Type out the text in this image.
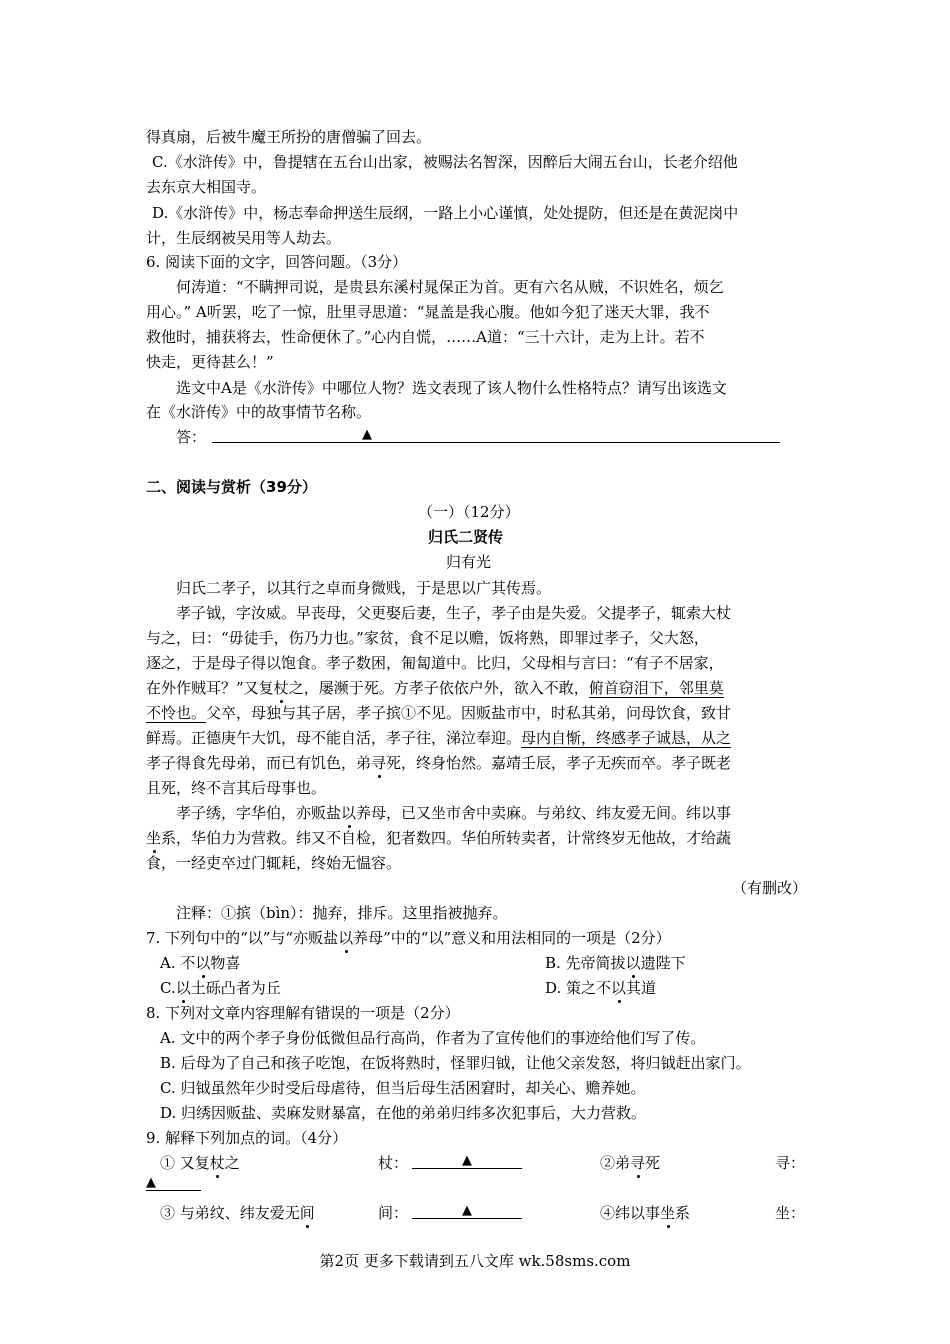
得真扇，后被牛魔王所扮的唐僧骗了回去。
C.《水浒传》中，鲁提辖在五台山出家，被赐法名智深，因醉后大闹五台山，长老介绍他
去东京大相国寺。
D.《水浒传》中，杨志奉命押送生辰纲，一路上小心谨慎，处处提防，但还是在黄泥岗中
计，生辰纲被吴用等人劫去。
6. 阅读下面的文字，回答问题。（3分）
何涛道：“不瞒押司说，是贵县东溪村晁保正为首。更有六名从贼，不识姓名，烦乞
用心。” A听罢，吃了一惊，肚里寻思道：“晁盖是我心腹。他如今犯了迷天大罪，我不
救他时，捕获将去，性命便休了。”心内自慌，……A道：“三十六计，走为上计。若不
快走，更待甚么！”
选文中A是《水浒传》中哪位人物？选文表现了该人物什么性格特点？请写出该选文
在《水浒传》中的故事情节名称。
答：	▲
二、阅读与赏析（39分）
（一）（12分）
归氏二贤传
归有光
归氏二孝子，以其行之卓而身微贱，于是思以广其传焉。
孝子钺，字汝威。早丧母，父更娶后妻，生子，孝子由是失爱。父提孝子，辄索大杖
与之，曰：“毋徒手，伤乃力也。”家贫，食不足以赡，饭将熟，即罪过孝子，父大怒，
逐之，于是母子得以饱食。孝子数困，匍匐道中。比归，父母相与言曰：“有子不居家，
在外作贼耳？”又复杖之，屡濒于死。方孝子依依户外，欲入不敢，俯首窃泪下，邻里莫
不怜也。父卒，母独与其子居，孝子摈①不见。因贩盐市中，时私其弟，问母饮食，致甘
鲜焉。正德庚午大饥，母不能自活，孝子往，涕泣奉迎。母内自惭，终感孝子诚恳，从之
孝子得食先母弟，而已有饥色，弟寻死，终身怡然。嘉靖壬辰，孝子无疾而卒。孝子既老
且死，终不言其后母事也。
孝子绣，字华伯，亦贩盐以养母，已又坐市舍中卖麻。与弟纹、纬友爱无间。纬以事
坐系，华伯力为营救。纬又不自检，犯者数四。华伯所转卖者，计常终岁无他故，才给蔬
食，一经吏卒过门辄耗，终始无愠容。
（有删改）
注释：①摈（bìn）：抛弃，排斥。这里指被抛弃。
7. 下列句中的“以”与“亦贩盐以养母”中的“以”意义和用法相同的一项是（2分）
A. 不以物喜	B. 先帝简拔以遗陛下
C.以土砾凸者为丘	D. 策之不以其道
8. 下列对文章内容理解有错误的一项是（2分）
A. 文中的两个孝子身份低微但品行高尚，作者为了宣传他们的事迹给他们写了传。
B. 后母为了自己和孩子吃饱，在饭将熟时，怪罪归钺，让他父亲发怒，将归钺赶出家门。
C. 归钺虽然年少时受后母虐待，但当后母生活困窘时，却关心、赡养她。
D. 归绣因贩盐、卖麻发财暴富，在他的弟弟归纬多次犯事后，大力营救。
9. 解释下列加点的词。（4分）
① 又复杖之	杖：	▲	②弟寻死	寻：
▲
③ 与弟纹、纬友爱无间	间：	▲	④纬以事坐系	坐：
第2页 更多下载请到五八文库 wk.58sms.com
